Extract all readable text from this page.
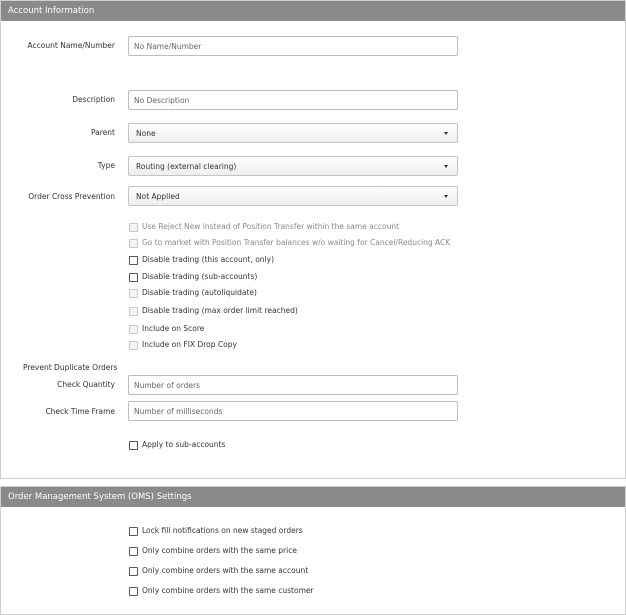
Account Information
Account Name/Number	No Name/Number
Description	No Description
Parent	None
Type	Routing (external clearing)
Order Cross Prevention	Not Applied
Use Reject New instead of Position Transfer within the same account
Go to market with Position Transfer balances w/o waiting for Cancel/Reducing ACK
Disable trading (this account, only)
Disable trading (sub-accounts)
Disable trading (autoliquidate)
Disable trading (max order limit reached)
Include on Score
Include on FIX Drop Copy
Prevent Duplicate Orders
Check Quantity	Number of orders
Check Time Frame	Number of milliseconds
Apply to sub-accounts
Order Management System (OMS) Settings
Lock fill notifications on new staged orders
Only combine orders with the same price
Only combine orders with the same account
Only combine orders with the same customer
